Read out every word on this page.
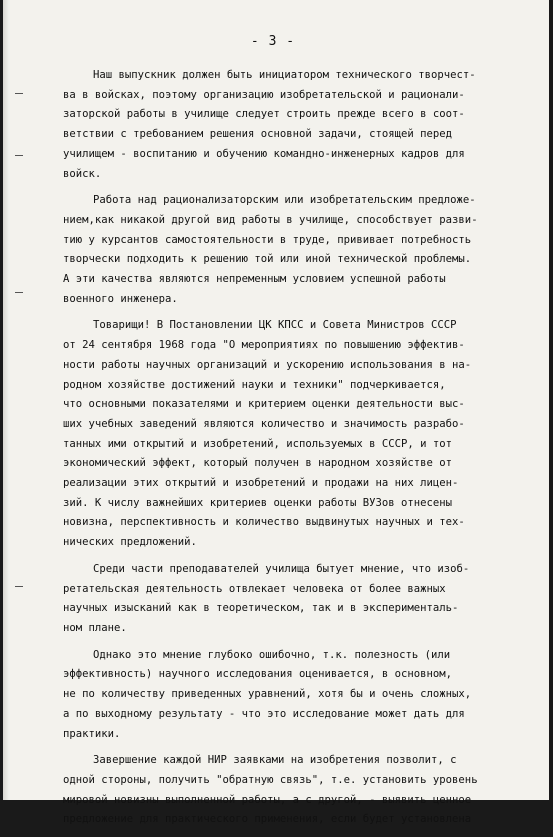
- 3 -

Наш выпускник должен быть инициатором технического творчест-
ва в войсках, поэтому организацию изобретательской и рационали-
заторской работы в училище следует строить прежде всего в соот-
ветствии с требованием решения основной задачи, стоящей перед
училищем - воспитанию и обучению командно-инженерных кадров для
войск.

Работа над рационализаторским или изобретательским предложе-
нием,как никакой другой вид работы в училище, способствует разви-
тию у курсантов самостоятельности в труде, прививает потребность
творчески подходить к решению той или иной технической проблемы.
А эти качества являются непременным условием успешной работы
военного инженера.

Товарищи! В Постановлении ЦК КПСС и Совета Министров СССР
от 24 сентября 1968 года "О мероприятиях по повышению эффектив-
ности работы научных организаций и ускорению использования в на-
родном хозяйстве достижений науки и техники" подчеркивается,
что основными показателями и критерием оценки деятельности выс-
ших учебных заведений являются количество и значимость разрабо-
танных ими открытий и изобретений, используемых в СССР, и тот
экономический эффект, который получен в народном хозяйстве от
реализации этих открытий и изобретений и продажи на них лицен-
зий. К числу важнейших критериев оценки работы ВУЗов отнесены
новизна, перспективность и количество выдвинутых научных и тех-
нических предложений.

Среди части преподавателей училища бытует мнение, что изоб-
ретательская деятельность отвлекает человека от более важных
научных изысканий как в теоретическом, так и в эксперименталь-
ном плане.

Однако это мнение глубоко ошибочно, т.к. полезность (или
эффективность) научного исследования оценивается, в основном,
не по количеству приведенных уравнений, хотя бы и очень сложных,
а по выходному результату - что это исследование может дать для
практики.

Завершение каждой НИР заявками на изобретения позволит, с
одной стороны, получить "обратную связь", т.е. установить уровень
мировой новизны выполненной работы, а с другой, - выявить ценное
предложение для практического применения, если будет установлена
